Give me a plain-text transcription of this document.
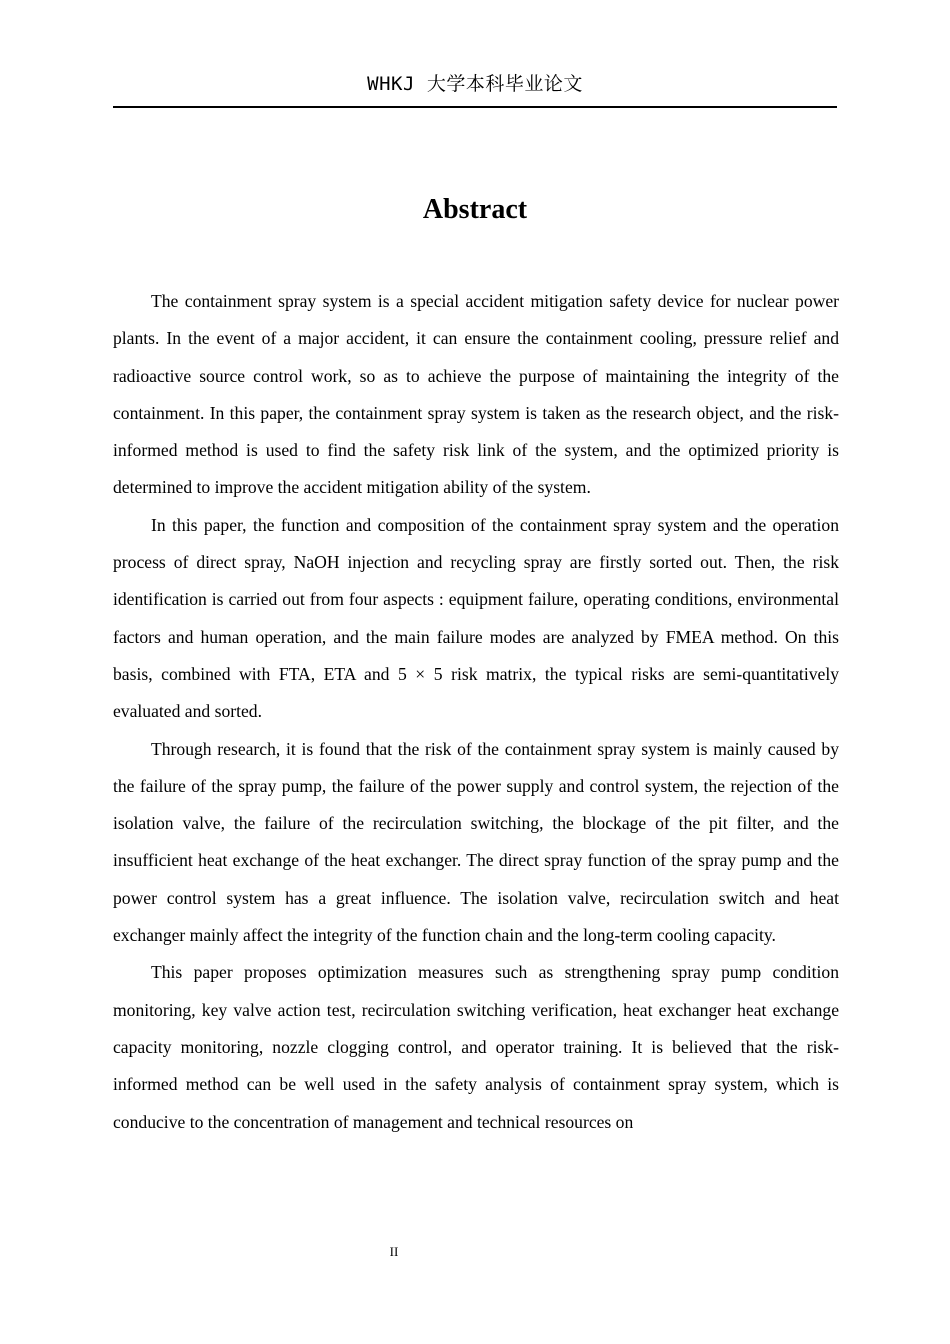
WHKJ 大学本科毕业论文
Abstract

The containment spray system is a special accident mitigation safety device for nuclear power plants. In the event of a major accident, it can ensure the containment cooling, pressure relief and radioactive source control work, so as to achieve the purpose of maintaining the integrity of the containment. In this paper, the containment spray system is taken as the research object, and the risk-informed method is used to find the safety risk link of the system, and the optimized priority is determined to improve the accident mitigation ability of the system.

In this paper, the function and composition of the containment spray system and the operation process of direct spray, NaOH injection and recycling spray are firstly sorted out. Then, the risk identification is carried out from four aspects : equipment failure, operating conditions, environmental factors and human operation, and the main failure modes are analyzed by FMEA method. On this basis, combined with FTA, ETA and 5 × 5 risk matrix, the typical risks are semi-quantitatively evaluated and sorted.

Through research, it is found that the risk of the containment spray system is mainly caused by the failure of the spray pump, the failure of the power supply and control system, the rejection of the isolation valve, the failure of the recirculation switching, the blockage of the pit filter, and the insufficient heat exchange of the heat exchanger. The direct spray function of the spray pump and the power control system has a great influence. The isolation valve, recirculation switch and heat exchanger mainly affect the integrity of the function chain and the long-term cooling capacity.

This paper proposes optimization measures such as strengthening spray pump condition monitoring, key valve action test, recirculation switching verification, heat exchanger heat exchange capacity monitoring, nozzle clogging control, and operator training. It is believed that the risk-informed method can be well used in the safety analysis of containment spray system, which is conducive to the concentration of management and technical resources on

II
